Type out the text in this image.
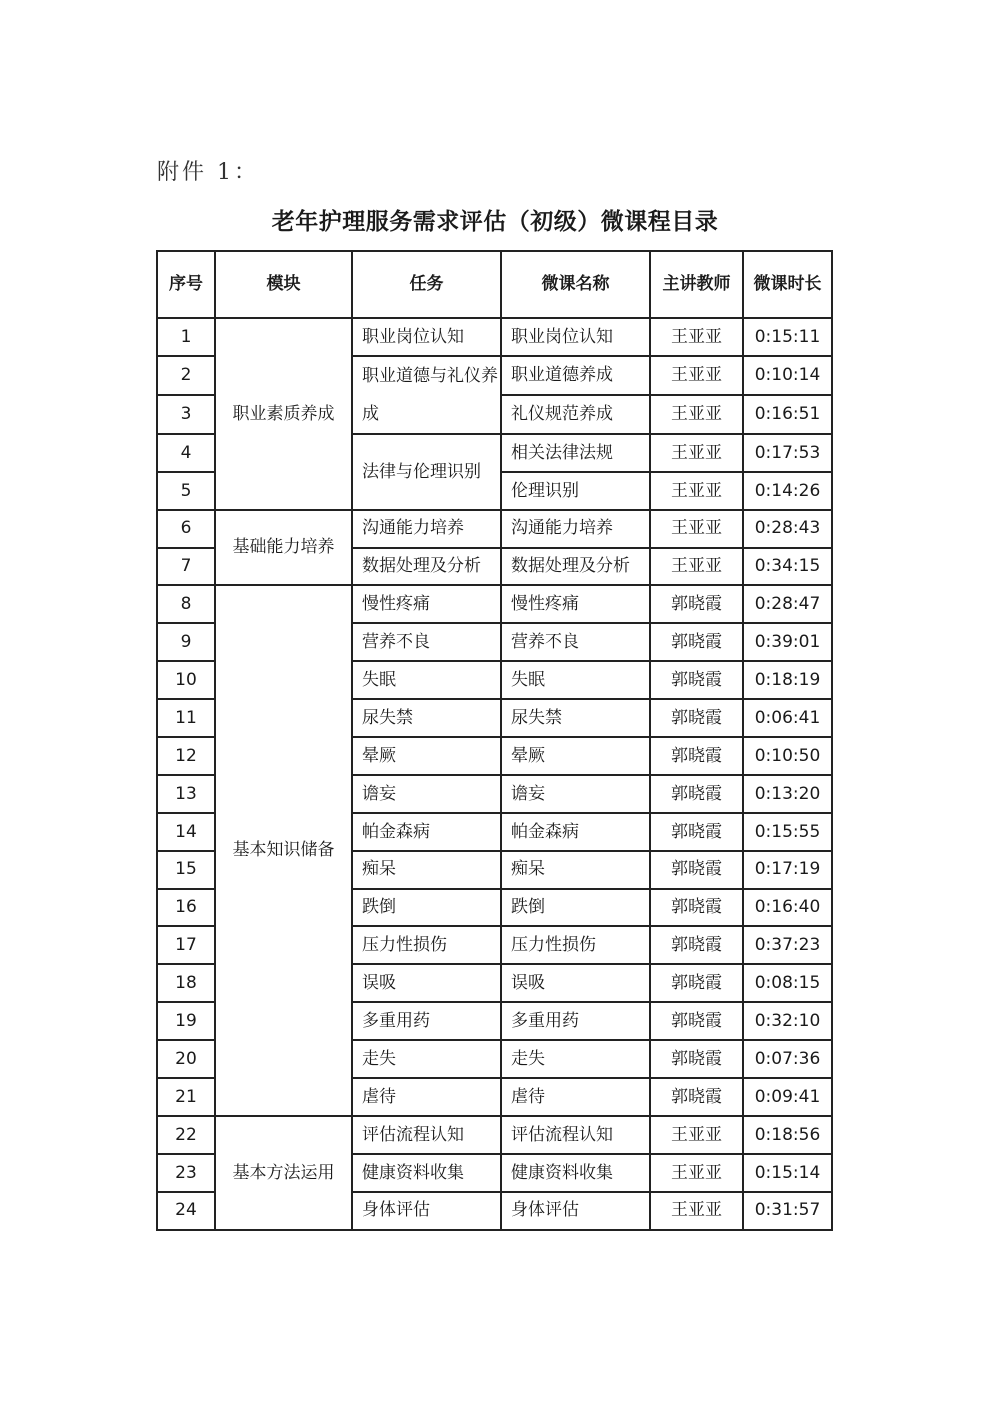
附件 1：
老年护理服务需求评估（初级）微课程目录
序号	模块	任务	微课名称	主讲教师	微课时长
1	职业素质养成	职业岗位认知	职业岗位认知	王亚亚	0:15:11
2		职业道德与礼仪养成	职业道德养成	王亚亚	0:10:14
3			礼仪规范养成	王亚亚	0:16:51
4		法律与伦理识别	相关法律法规	王亚亚	0:17:53
5			伦理识别	王亚亚	0:14:26
6	基础能力培养	沟通能力培养	沟通能力培养	王亚亚	0:28:43
7		数据处理及分析	数据处理及分析	王亚亚	0:34:15
8	基本知识储备	慢性疼痛	慢性疼痛	郭晓霞	0:28:47
9		营养不良	营养不良	郭晓霞	0:39:01
10		失眠	失眠	郭晓霞	0:18:19
11		尿失禁	尿失禁	郭晓霞	0:06:41
12		晕厥	晕厥	郭晓霞	0:10:50
13		谵妄	谵妄	郭晓霞	0:13:20
14		帕金森病	帕金森病	郭晓霞	0:15:55
15		痴呆	痴呆	郭晓霞	0:17:19
16		跌倒	跌倒	郭晓霞	0:16:40
17		压力性损伤	压力性损伤	郭晓霞	0:37:23
18		误吸	误吸	郭晓霞	0:08:15
19		多重用药	多重用药	郭晓霞	0:32:10
20		走失	走失	郭晓霞	0:07:36
21		虐待	虐待	郭晓霞	0:09:41
22	基本方法运用	评估流程认知	评估流程认知	王亚亚	0:18:56
23		健康资料收集	健康资料收集	王亚亚	0:15:14
24		身体评估	身体评估	王亚亚	0:31:57
